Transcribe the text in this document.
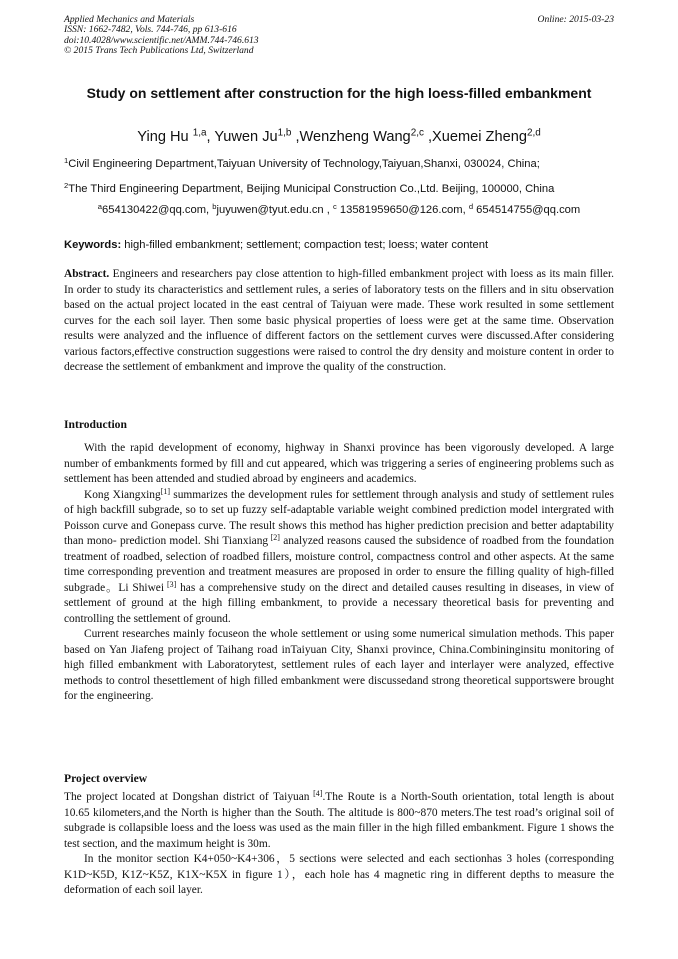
Applied Mechanics and Materials
ISSN: 1662-7482, Vols. 744-746, pp 613-616
doi:10.4028/www.scientific.net/AMM.744-746.613
© 2015 Trans Tech Publications Ltd, Switzerland
Online: 2015-03-23
Study on settlement after construction for the high loess-filled embankment
Ying Hu $^{1,a}$, Yuwen Ju$^{1,b}$ ,Wenzheng Wang$^{2,c}$ ,Xuemei Zheng$^{2,d}$
$^1$Civil Engineering Department,Taiyuan University of Technology,Taiyuan,Shanxi, 030024, China;
$^2$The Third Engineering Department, Beijing Municipal Construction Co.,Ltd. Beijing, 100000, China
$^a$654130422@qq.com, $^b$juyuwen@tyut.edu.cn , $^c$ 13581959650@126.com, $^d$ 654514755@qq.com
Keywords: high-filled embankment; settlement; compaction test; loess; water content

Abstract. Engineers and researchers pay close attention to high-filled embankment project with loess as its main filler. In order to study its characteristics and settlement rules, a series of laboratory tests on the fillers and in situ observation based on the actual project located in the east central of Taiyuan were made. These work resulted in some settlement curves for the each soil layer. Then some basic physical properties of loess were get at the same time. Observation results were analyzed and the influence of different factors on the settlement curves were discussed.After considering various factors,effective construction suggestions were raised to control the dry density and moisture content in order to decrease the settlement of embankment and improve the quality of the construction.

Introduction

With the rapid development of economy, highway in Shanxi province has been vigorously developed. A large number of embankments formed by fill and cut appeared, which was triggering a series of engineering problems such as settlement has been attended and studied abroad by engineers and academics.

Kong Xiangxing[1] summarizes the development rules for settlement through analysis and study of settlement rules of high backfill subgrade, so to set up fuzzy self-adaptable variable weight combined prediction model intergrated with Poisson curve and Gonepass curve. The result shows this method has higher prediction precision and better adaptability than mono- prediction model. Shi Tianxiang [2] analyzed reasons caused the subsidence of roadbed from the foundation treatment of roadbed, selection of roadbed fillers, moisture control, compactness control and other aspects. At the same time corresponding prevention and treatment measures are proposed in order to ensure the filling quality of high-filled subgrade。Li Shiwei [3] has a comprehensive study on the direct and detailed causes resulting in diseases, in view of settlement of ground at the high filling embankment, to provide a necessary theoretical basis for preventing and controlling the settlement of ground.

Current researches mainly focuseon the whole settlement or using some numerical simulation methods. This paper based on Yan Jiafeng project of Taihang road inTaiyuan City, Shanxi province, China.Combininginsitu monitoring of high filled embankment with Laboratorytest, settlement rules of each layer and interlayer were analyzed, effective methods to control thesettlement of high filled embankment were discussedand strong theoretical supportswere brought for the engineering.

Project overview

The project located at Dongshan district of Taiyuan [4].The Route is a North-South orientation, total length is about 10.65 kilometers,and the North is higher than the South. The altitude is 800~870 meters.The test road’s original soil of subgrade is collapsible loess and the loess was used as the main filler in the high filled embankment. Figure 1 shows the test section, and the maximum height is 30m.

In the monitor section K4+050~K4+306，5 sections were selected and each sectionhas 3 holes (corresponding K1D~K5D, K1Z~K5Z, K1X~K5X in figure 1），each hole has 4 magnetic ring in different depths to measure the deformation of each soil layer.
